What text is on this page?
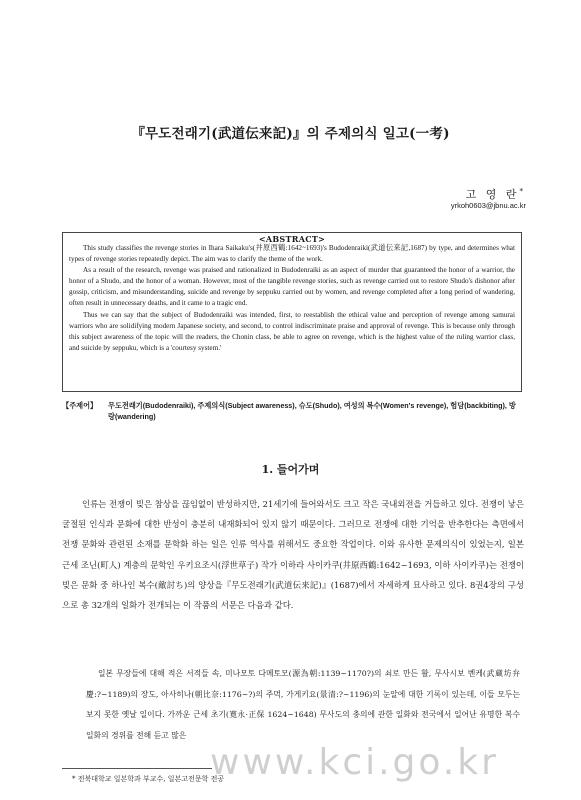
『무도전래기(武道伝来記)』의 주제의식 일고(一考)
고 영 란*
yrkoh0603@jbnu.ac.kr
<ABSTRACT>

This study classifies the revenge stories in Ihara Saikaku's(井原西鶴:1642~1693)'s Budodenraiki(武道伝来記,1687) by type, and determines what types of revenge stories repeatedly depict. The aim was to clarify the theme of the work.

As a result of the research, revenge was praised and rationalized in Budodenraiki as an aspect of murder that guaranteed the honor of a warrior, the honor of a Shudo, and the honor of a woman. However, most of the tangible revenge stories, such as revenge carried out to restore Shudo's dishonor after gossip, criticism, and misunderstanding, suicide and revenge by seppuku carried out by women, and revenge completed after a long period of wandering, often result in unnecessary deaths, and it came to a tragic end.

Thus we can say that the subject of Budodenraiki was intended, first, to reestablish the ethical value and perception of revenge among samurai warriors who are solidifying modern Japanese society, and second, to control indiscriminate praise and approval of revenge. This is because only through this subject awareness of the topic will the readers, the Chonin class, be able to agree on revenge, which is the highest value of the ruling warrior class, and suicide by seppuku, which is a 'courtesy system.'

【주제어】 무도전래기(Budodenraiki), 주제의식(Subject awareness), 슈도(Shudo), 여성의 복수(Women's revenge), 험담(backbiting), 방랑(wandering)
1. 들어가며

인류는 전쟁이 빚은 참상을 끊임없이 반성하지만, 21세기에 들어와서도 크고 작은 국내외전을 거듭하고 있다. 전쟁이 낳은 굴절된 인식과 문화에 대한 반성이 충분히 내재화되어 있지 않기 때문이다. 그러므로 전쟁에 대한 기억을 반추한다는 측면에서 전쟁 문화와 관련된 소재를 문학화 하는 일은 인류 역사를 위해서도 중요한 작업이다. 이와 유사한 문제의식이 있었는지, 일본 근세 조닌(町人) 계층의 문학인 우키요조시(浮世草子) 작가 이하라 사이카쿠(井原西鶴:1642~1693, 이하 사이카쿠)는 전쟁이 빚은 문화 중 하나인 복수(敵討ち)의 양상을『무도전래기(武道伝来記)』(1687)에서 자세하게 묘사하고 있다. 8권4장의 구성으로 총 32개의 일화가 전개되는 이 작품의 서문은 다음과 같다.

일본 무장들에 대해 적은 서적들 속, 미나모토 다메토모(源為朝:1139~1170?)의 쇠로 만든 활, 무사시보 벤케(武蔵坊弁慶:?~1189)의 장도, 아사히나(朝比奈:1176~?)의 주먹, 가게키요(景清:?~1196)의 눈알에 대한 기록이 있는데, 이들 모두는 보지 못한 옛날 일이다. 가까운 근세 초기(寛永·正保 1624~1648) 무사도의 충의에 관한 일화와 전국에서 일어난 유명한 복수 일화의 경위를 전해 듣고 많은

www.kci.go.kr
* 전북대학교 일본학과 부교수, 일본고전문학 전공
